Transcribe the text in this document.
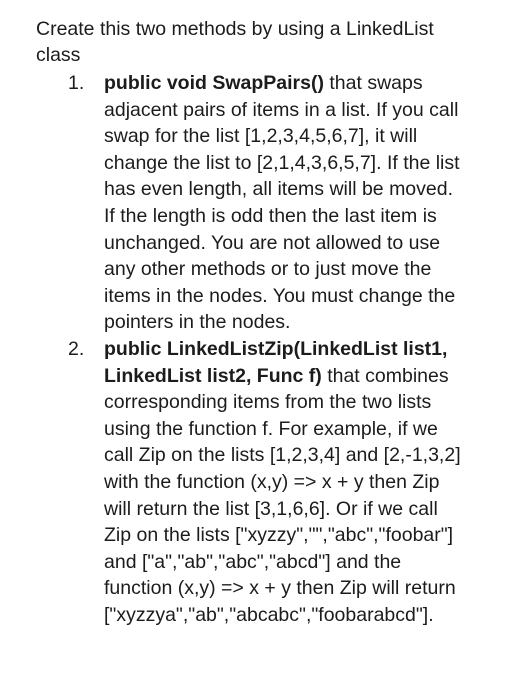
Create this two methods by using a LinkedList
class

1.	public void SwapPairs() that swaps
adjacent pairs of items in a list. If you call
swap for the list [1,2,3,4,5,6,7], it will
change the list to [2,1,4,3,6,5,7]. If the list
has even length, all items will be moved.
If the length is odd then the last item is
unchanged. You are not allowed to use
any other methods or to just move the
items in the nodes. You must change the
pointers in the nodes.
2.	public LinkedListZip(LinkedList list1,
LinkedList list2, Func f) that combines
corresponding items from the two lists
using the function f. For example, if we
call Zip on the lists [1,2,3,4] and [2,-1,3,2]
with the function (x,y) => x + y then Zip
will return the list [3,1,6,6]. Or if we call
Zip on the lists ["xyzzy","","abc","foobar"]
and ["a","ab","abc","abcd"] and the
function (x,y) => x + y then Zip will return
["xyzzya","ab","abcabc","foobarabcd"].
